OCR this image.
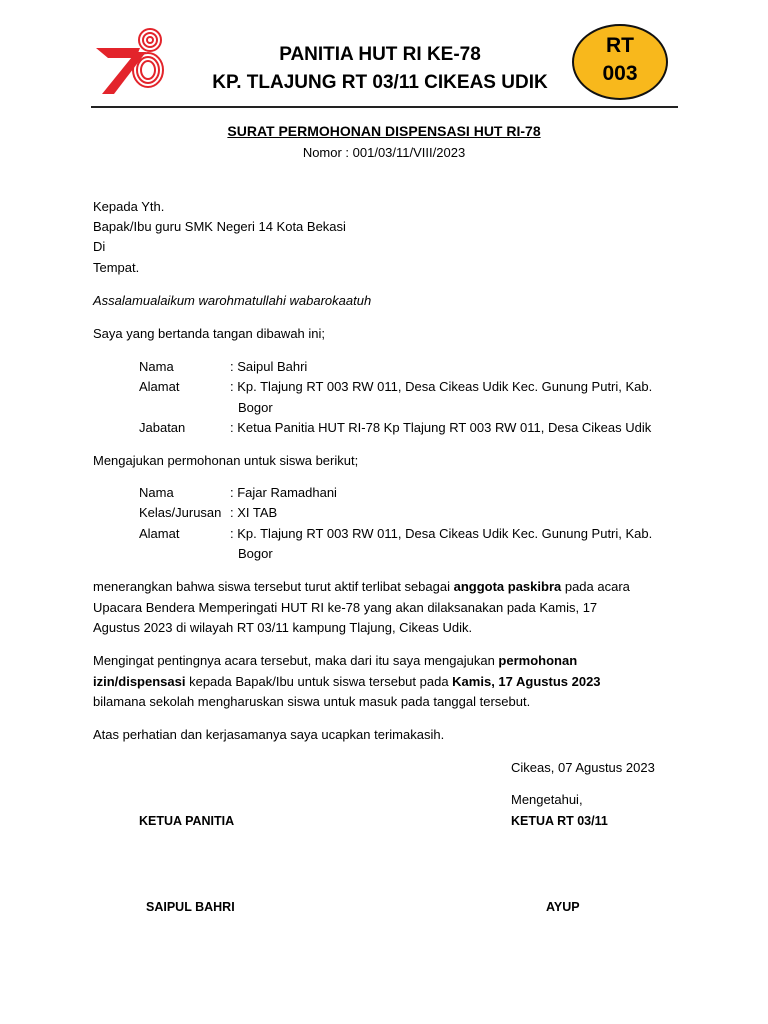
PANITIA HUT RI KE-78
KP. TLAJUNG RT 03/11 CIKEAS UDIK
RT
003
SURAT PERMOHONAN DISPENSASI HUT RI-78
Nomor : 001/03/11/VIII/2023
Kepada Yth.
Bapak/Ibu guru SMK Negeri 14 Kota Bekasi
Di
Tempat.
Assalamualaikum warohmatullahi wabarokaatuh
Saya yang bertanda tangan dibawah ini;
Nama	: Saipul Bahri
Alamat	: Kp. Tlajung RT 003 RW 011, Desa Cikeas Udik Kec. Gunung Putri, Kab.
Bogor
Jabatan	: Ketua Panitia HUT RI-78 Kp Tlajung RT 003 RW 011, Desa Cikeas Udik
Mengajukan permohonan untuk siswa berikut;
Nama	: Fajar Ramadhani
Kelas/Jurusan : XI TAB
Alamat	: Kp. Tlajung RT 003 RW 011, Desa Cikeas Udik Kec. Gunung Putri, Kab.
Bogor
menerangkan bahwa siswa tersebut turut aktif terlibat sebagai anggota paskibra pada acara
Upacara Bendera Memperingati HUT RI ke-78 yang akan dilaksanakan pada Kamis, 17
Agustus 2023 di wilayah RT 03/11 kampung Tlajung, Cikeas Udik.
Mengingat pentingnya acara tersebut, maka dari itu saya mengajukan permohonan
izin/dispensasi kepada Bapak/Ibu untuk siswa tersebut pada Kamis, 17 Agustus 2023
bilamana sekolah mengharuskan siswa untuk masuk pada tanggal tersebut.
Atas perhatian dan kerjasamanya saya ucapkan terimakasih.
Cikeas, 07 Agustus 2023
Mengetahui,
KETUA PANITIA	KETUA RT 03/11
SAIPUL BAHRI	AYUP
